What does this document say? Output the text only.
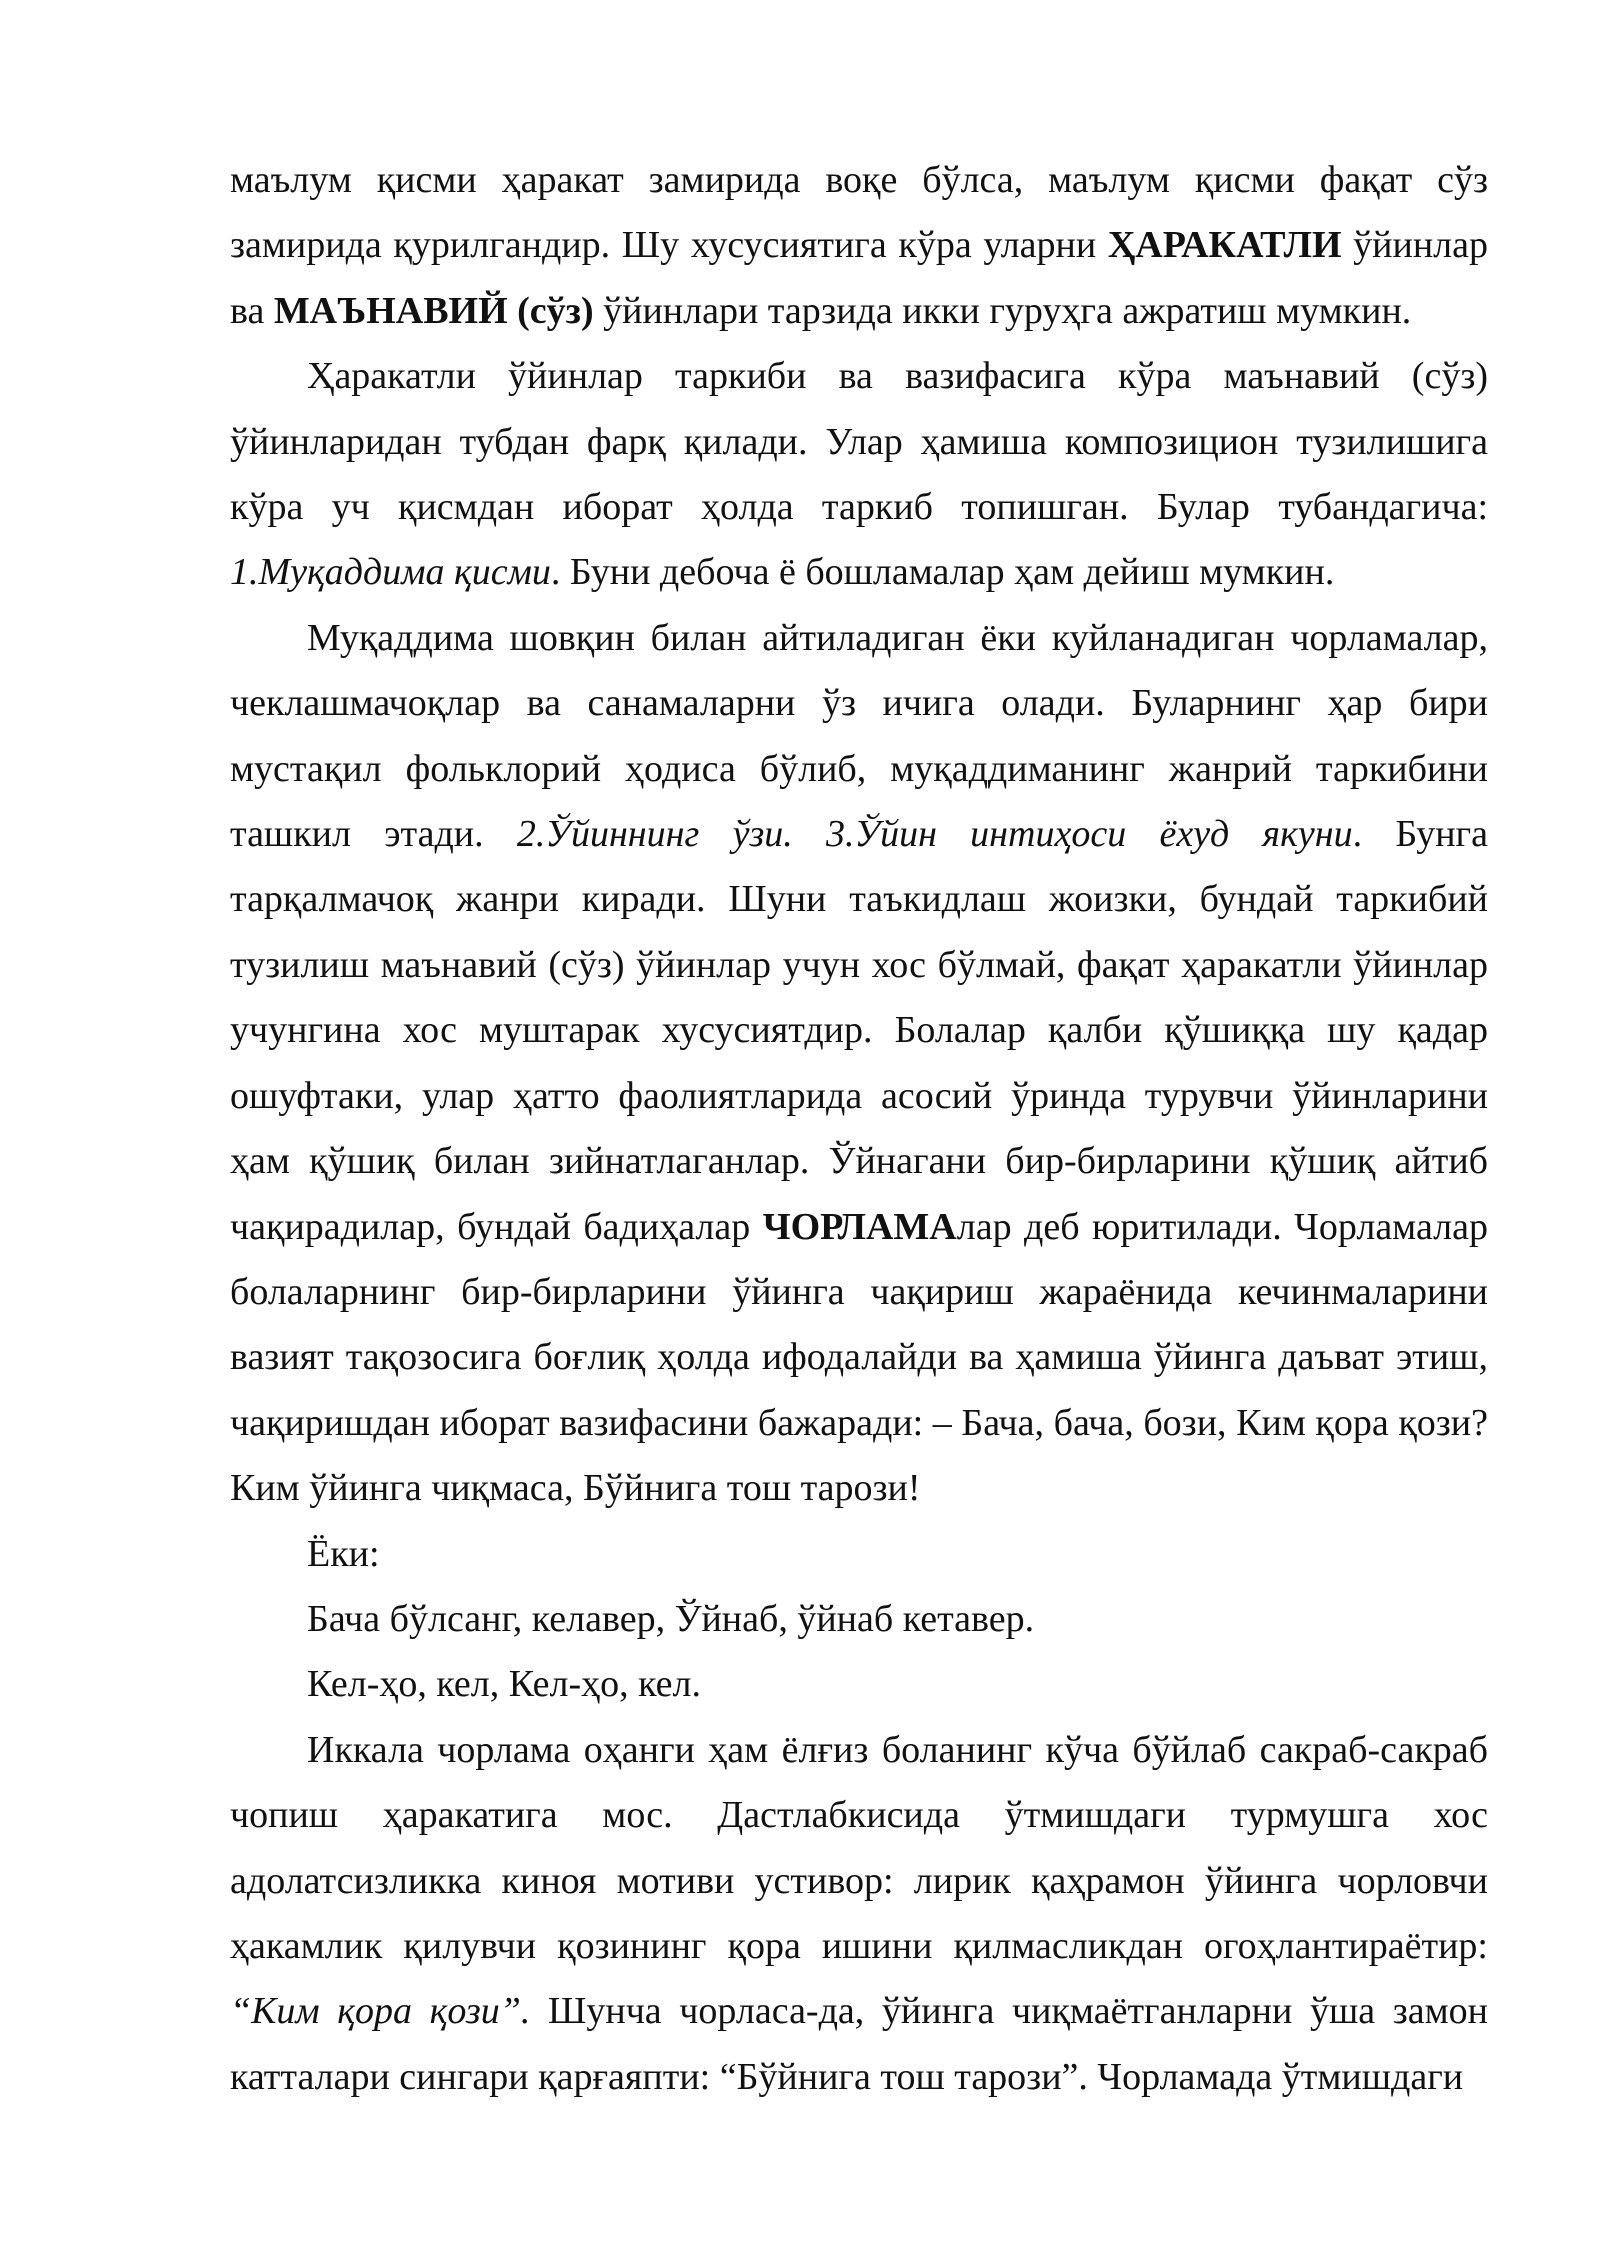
маълум қисми ҳаракат замирида воқе бўлса, маълум қисми фақат сўз замирида қурилгандир. Шу хусусиятига кўра уларни ҲАРАКАТЛИ ўйинлар ва МАЪНАВИЙ (сўз) ўйинлари тарзида икки гуруҳга ажратиш мумкин.

Ҳаракатли ўйинлар таркиби ва вазифасига кўра маънавий (сўз) ўйинларидан тубдан фарқ қилади. Улар ҳамиша композицион тузилишига кўра уч қисмдан иборат ҳолда таркиб топишган. Булар тубандагича: 1.Муқаддима қисми. Буни дебоча ё бошламалар ҳам дейиш мумкин.

Муқаддима шовқин билан айтиладиган ёки куйланадиган чорламалар, чеклашмачоқлар ва санамаларни ўз ичига олади. Буларнинг ҳар бири мустақил фольклорий ҳодиса бўлиб, муқаддиманинг жанрий таркибини ташкил этади. 2.Ўйиннинг ўзи. 3.Ўйин интиҳоси ёхуд якуни. Бунга тарқалмачоқ жанри киради. Шуни таъкидлаш жоизки, бундай таркибий тузилиш маънавий (сўз) ўйинлар учун хос бўлмай, фақат ҳаракатли ўйинлар учунгина хос муштарак хусусиятдир. Болалар қалби қўшиққа шу қадар ошуфтаки, улар ҳатто фаолиятларида асосий ўринда турувчи ўйинларини ҳам қўшиқ билан зийнатлаганлар. Ўйнагани бир-бирларини қўшиқ айтиб чақирадилар, бундай бадиҳалар ЧОРЛАМАлар деб юритилади. Чорламалар болаларнинг бир-бирларини ўйинга чақириш жараёнида кечинмаларини вазият тақозосига боғлиқ ҳолда ифодалайди ва ҳамиша ўйинга даъват этиш, чақиришдан иборат вазифасини бажаради: – Бача, бача, бози, Ким қора қози? Ким ўйинга чиқмаса, Бўйнига тош тарози!

Ёки:

Бача бўлсанг, келавер, Ўйнаб, ўйнаб кетавер.

Кел-ҳо, кел, Кел-ҳо, кел.

Иккала чорлама оҳанги ҳам ёлғиз боланинг кўча бўйлаб сакраб-сакраб чопиш ҳаракатига мос. Дастлабкисида ўтмишдаги турмушга хос адолатсизликка киноя мотиви устивор: лирик қаҳрамон ўйинга чорловчи ҳакамлик қилувчи қозининг қора ишини қилмасликдан огоҳлантираётир: “Ким қора қози”. Шунча чорласа-да, ўйинга чиқмаётганларни ўша замон катталари сингари қарғаяпти: “Бўйнига тош тарози”. Чорламада ўтмишдаги
